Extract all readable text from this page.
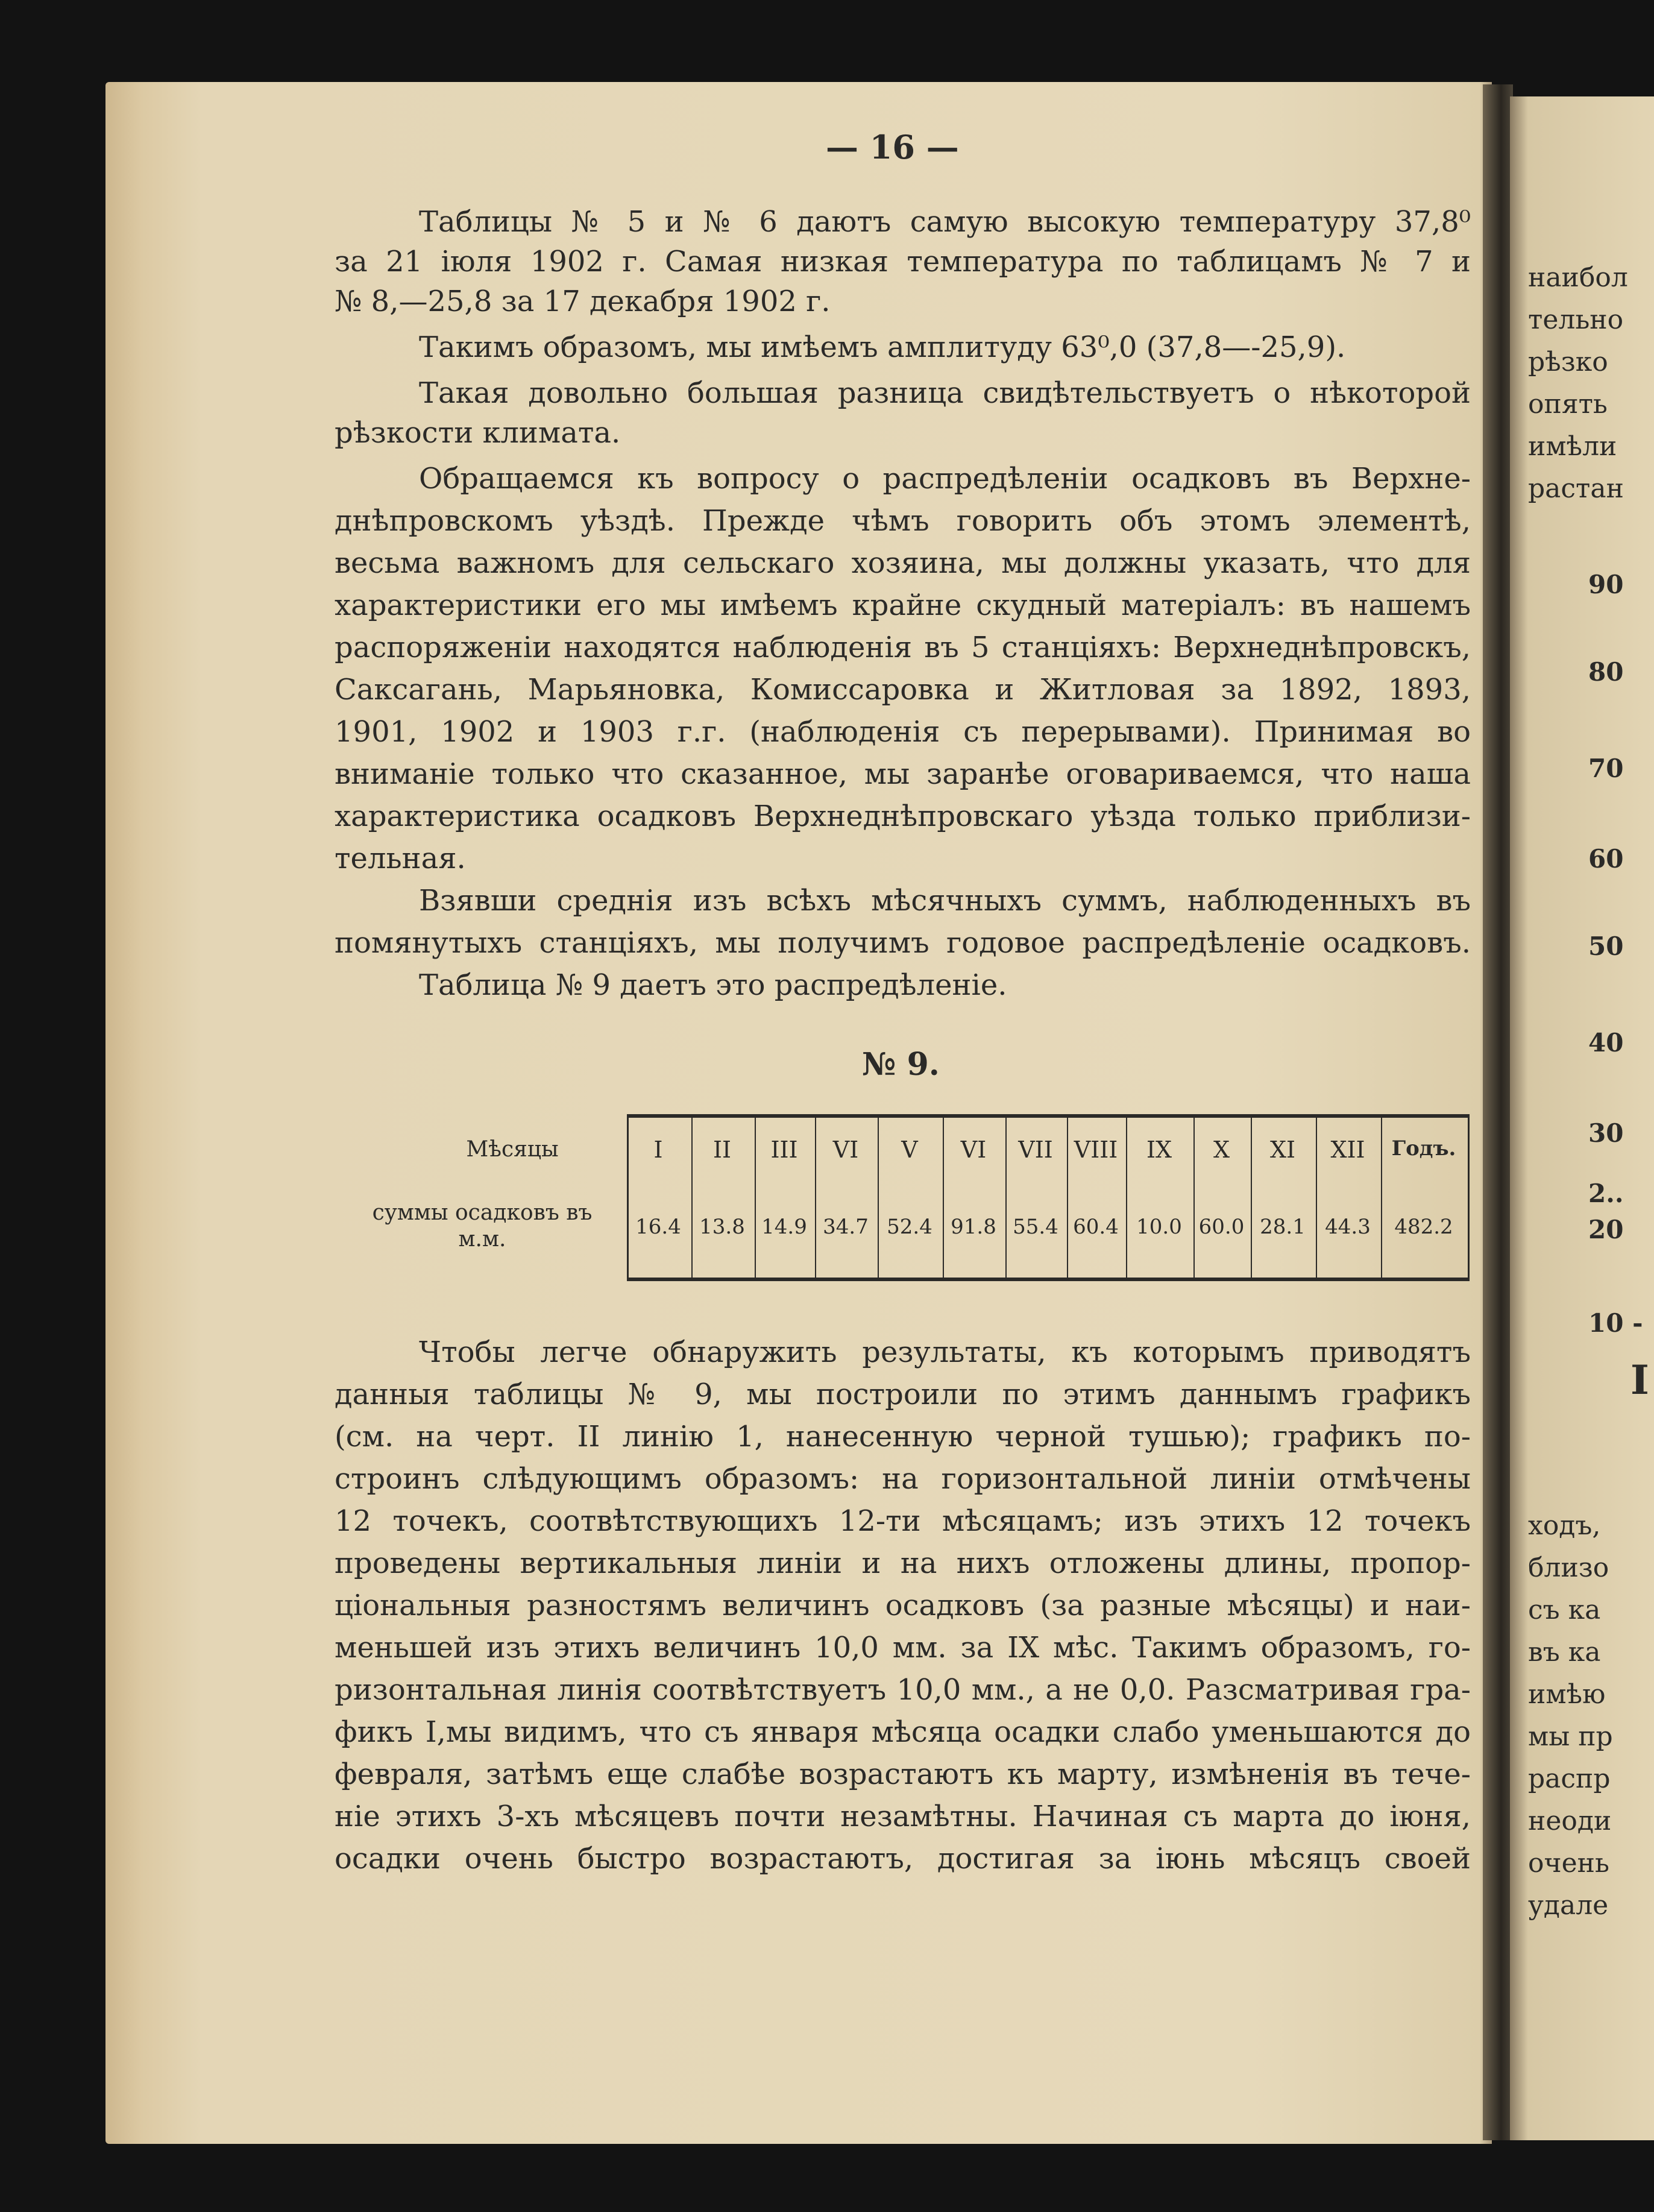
— 16 —
Таблицы № 5 и № 6 даютъ самую высокую температуру 37,8⁰
за 21 іюля 1902 г. Самая низкая температура по таблицамъ № 7 и
№ 8,—25,8 за 17 декабря 1902 г.
Такимъ образомъ, мы имѣемъ амплитуду 63⁰,0 (37,8—-25,9).
Такая довольно большая разница свидѣтельствуетъ о нѣкоторой
рѣзкости климата.
Обращаемся къ вопросу о распредѣленіи осадковъ въ Верхне-
днѣпровскомъ уѣздѣ. Прежде чѣмъ говорить объ этомъ элементѣ,
весьма важномъ для сельскаго хозяина, мы должны указать, что для
характеристики его мы имѣемъ крайне скудный матеріалъ: въ нашемъ
распоряженіи находятся наблюденія въ 5 станціяхъ: Верхнеднѣпровскъ,
Саксагань, Марьяновка, Комиссаровка и Житловая за 1892, 1893,
1901, 1902 и 1903 г.г. (наблюденія съ перерывами). Принимая во
вниманіе только что сказанное, мы заранѣе оговариваемся, что наша
характеристика осадковъ Верхнеднѣпровскаго уѣзда только приблизи-
тельная.
Взявши среднія изъ всѣхъ мѣсячныхъ суммъ, наблюденныхъ въ
помянутыхъ станціяхъ, мы получимъ годовое распредѣленіе осадковъ.
Таблица № 9 даетъ это распредѣленіе.
№ 9.
Мѣсяцы
суммы осадковъ въ м.м.
I	II	III	VI	V	VI	VII VIII	IX	X	XI	XII	Годъ.
16.4 13.8 14.9 34.7 52.4 91.8 55.4 60.4 10.0 60.0 28.1 44.3	482.2
Чтобы легче обнаружить результаты, къ которымъ приводятъ
данныя таблицы № 9, мы построили по этимъ даннымъ графикъ
(см. на черт. II линію 1, нанесенную черной тушью); графикъ по-
строинъ слѣдующимъ образомъ: на горизонтальной линіи отмѣчены
12 точекъ, соотвѣтствующихъ 12-ти мѣсяцамъ; изъ этихъ 12 точекъ
проведены вертикальныя линіи и на нихъ отложены длины, пропор-
ціональныя разностямъ величинъ осадковъ (за разные мѣсяцы) и наи-
меньшей изъ этихъ величинъ 10,0 мм. за IX мѣс. Такимъ образомъ, го-
ризонтальная линія соотвѣтствуетъ 10,0 мм., а не 0,0. Разсматривая гра-
фикъ I,мы видимъ, что съ января мѣсяца осадки слабо уменьшаются до
февраля, затѣмъ еще слабѣе возрастаютъ къ марту, измѣненія въ тече-
ніе этихъ 3-хъ мѣсяцевъ почти незамѣтны. Начиная съ марта до іюня,
осадки очень быстро возрастаютъ, достигая за іюнь мѣсяцъ своей
наибол
тельно
рѣзко
опять
имѣли
растан
90
80
70
60
50
40
30
2..
20
10 -
I
ходъ,
близо
съ ка
въ ка
имѣю
мы пр
распр
неоди
очень
удале
